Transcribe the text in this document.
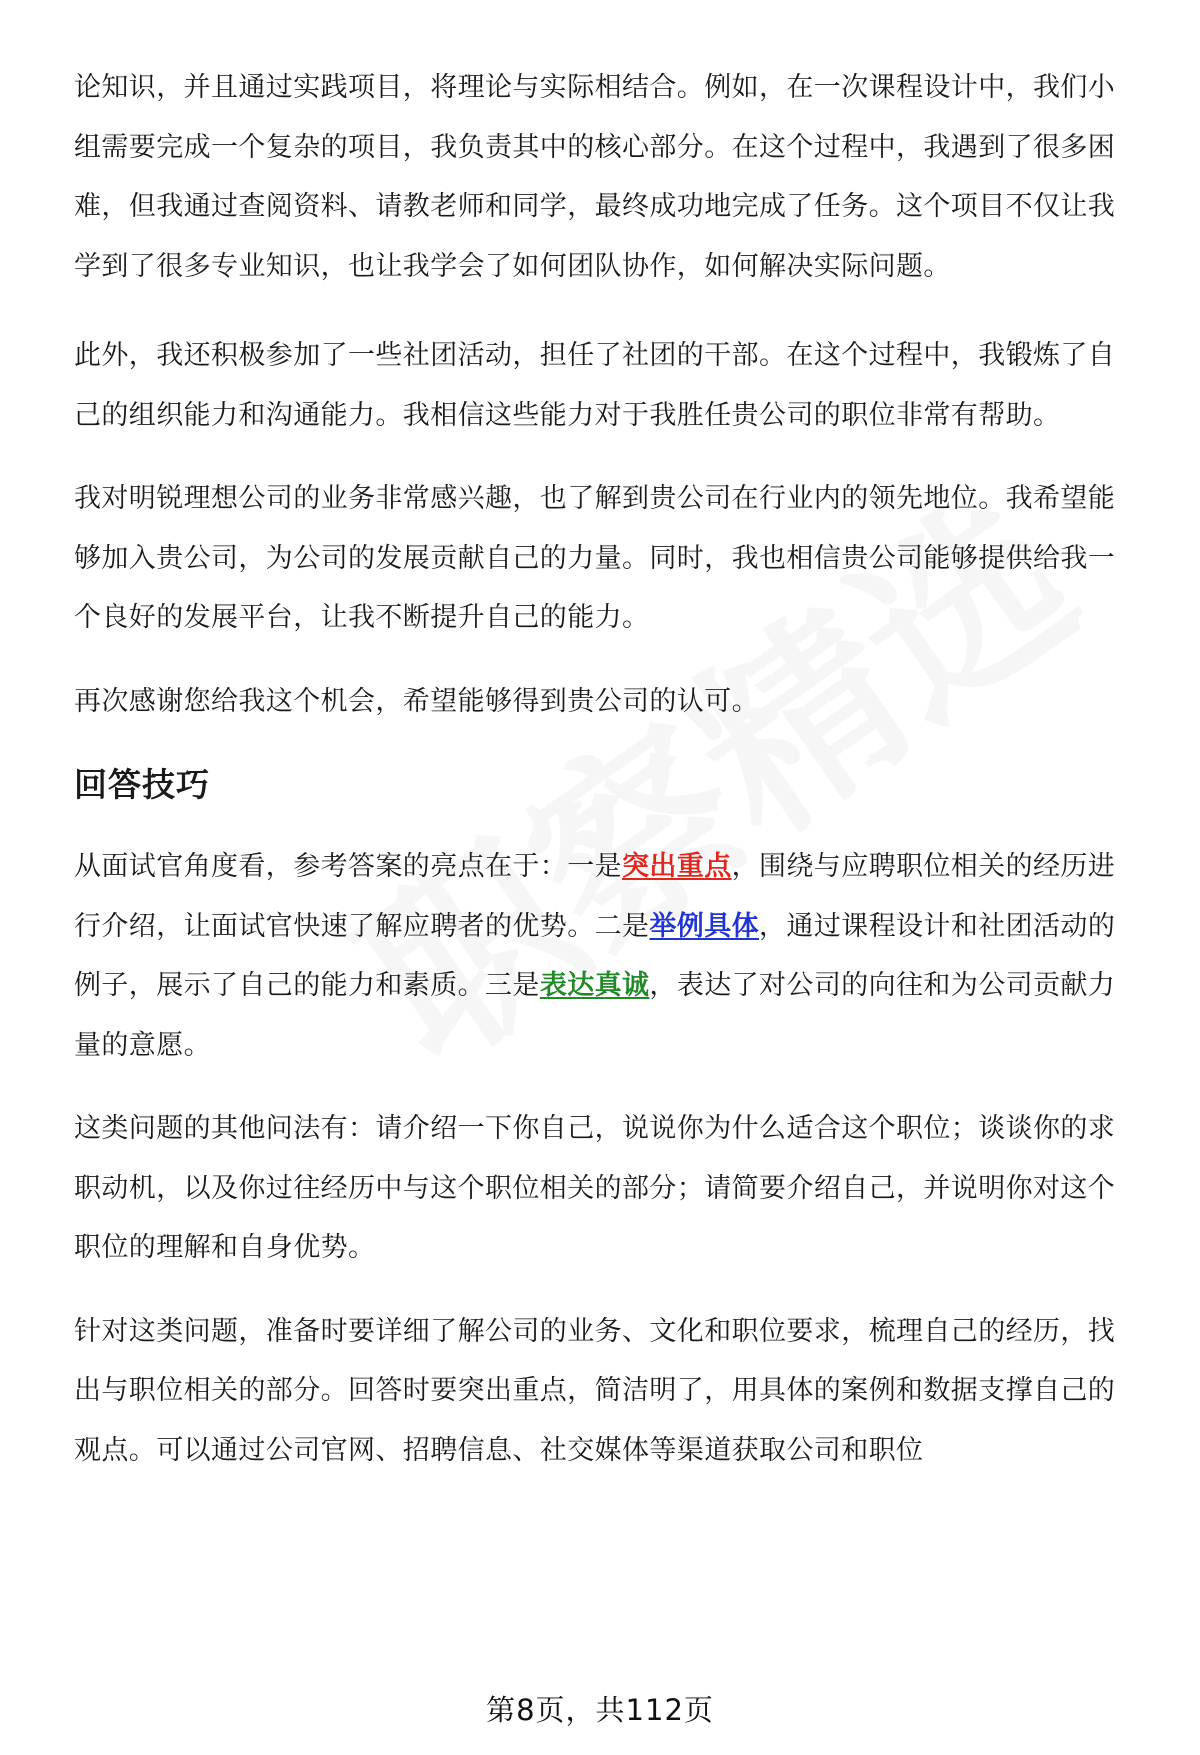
论知识，并且通过实践项目，将理论与实际相结合。例如，在一次课程设计中，我们小组需要完成一个复杂的项目，我负责其中的核心部分。在这个过程中，我遇到了很多困难，但我通过查阅资料、请教老师和同学，最终成功地完成了任务。这个项目不仅让我学到了很多专业知识，也让我学会了如何团队协作，如何解决实际问题。

此外，我还积极参加了一些社团活动，担任了社团的干部。在这个过程中，我锻炼了自己的组织能力和沟通能力。我相信这些能力对于我胜任贵公司的职位非常有帮助。

我对明锐理想公司的业务非常感兴趣，也了解到贵公司在行业内的领先地位。我希望能够加入贵公司，为公司的发展贡献自己的力量。同时，我也相信贵公司能够提供给我一个良好的发展平台，让我不断提升自己的能力。

再次感谢您给我这个机会，希望能够得到贵公司的认可。

回答技巧

从面试官角度看，参考答案的亮点在于：一是突出重点，围绕与应聘职位相关的经历进行介绍，让面试官快速了解应聘者的优势。二是举例具体，通过课程设计和社团活动的例子，展示了自己的能力和素质。三是表达真诚，表达了对公司的向往和为公司贡献力量的意愿。

这类问题的其他问法有：请介绍一下你自己，说说你为什么适合这个职位；谈谈你的求职动机，以及你过往经历中与这个职位相关的部分；请简要介绍自己，并说明你对这个职位的理解和自身优势。

针对这类问题，准备时要详细了解公司的业务、文化和职位要求，梳理自己的经历，找出与职位相关的部分。回答时要突出重点，简洁明了，用具体的案例和数据支撑自己的观点。可以通过公司官网、招聘信息、社交媒体等渠道获取公司和职位

第8页，共112页
